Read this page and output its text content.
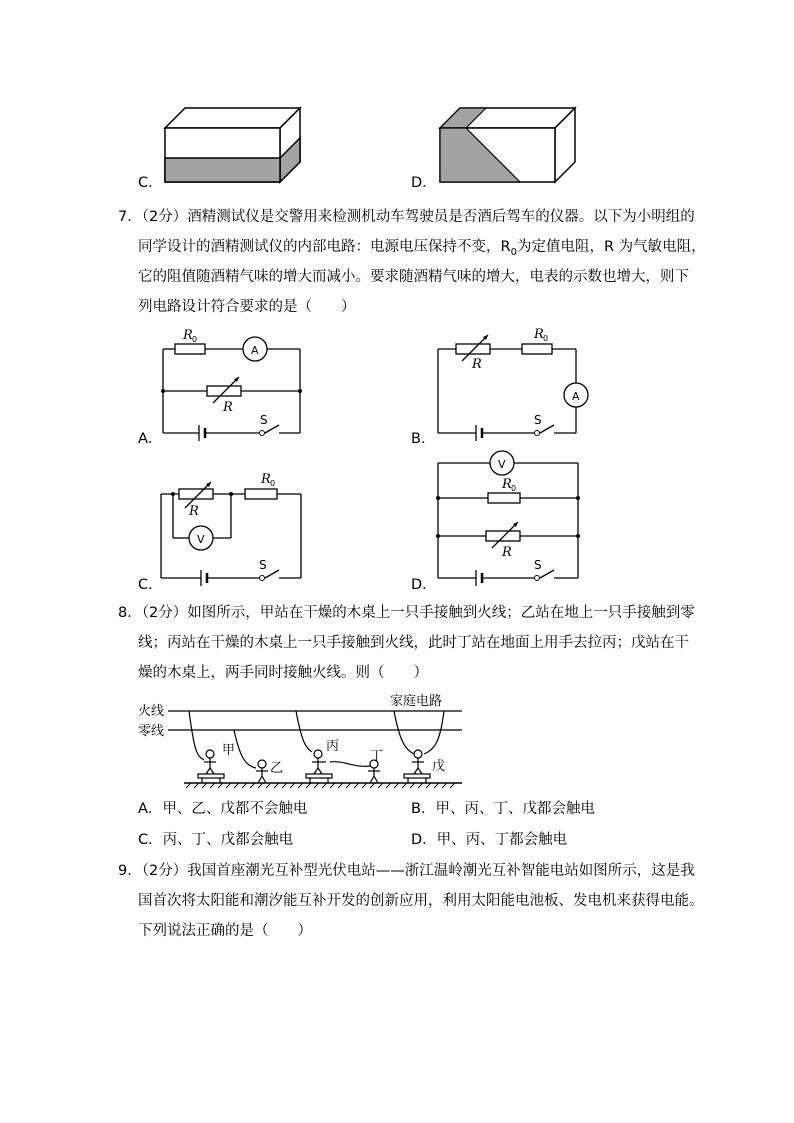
C．	D．
7．（2分）酒精测试仪是交警用来检测机动车驾驶员是否酒后驾车的仪器。以下为小明组的
同学设计的酒精测试仪的内部电路：电源电压保持不变，$R_0$为定值电阻，R 为气敏电阻，
它的阻值随酒精气味的增大而减小。要求随酒精气味的增大，电表的示数也增大，则下
列电路设计符合要求的是（　　）
R 0
A
R
S
A．
R
R 0
A
S
B．
R
R 0
V
S
C．
V
R 0
R
S
D．
8．（2分）如图所示，甲站在干燥的木桌上一只手接触到火线；乙站在地上一只手接触到零
线；丙站在干燥的木桌上一只手接触到火线，此时丁站在地面上用手去拉丙；戊站在干
燥的木桌上，两手同时接触火线。则（　　）
火线
零线
家庭电路
甲
乙
丙
丁
戊
A．甲、乙、戊都不会触电	B．甲、丙、丁、戊都会触电
C．丙、丁、戊都会触电	D．甲、丙、丁都会触电
9．（2分）我国首座潮光互补型光伏电站——浙江温岭潮光互补智能电站如图所示，这是我
国首次将太阳能和潮汐能互补开发的创新应用，利用太阳能电池板、发电机来获得电能。
下列说法正确的是（　　）
